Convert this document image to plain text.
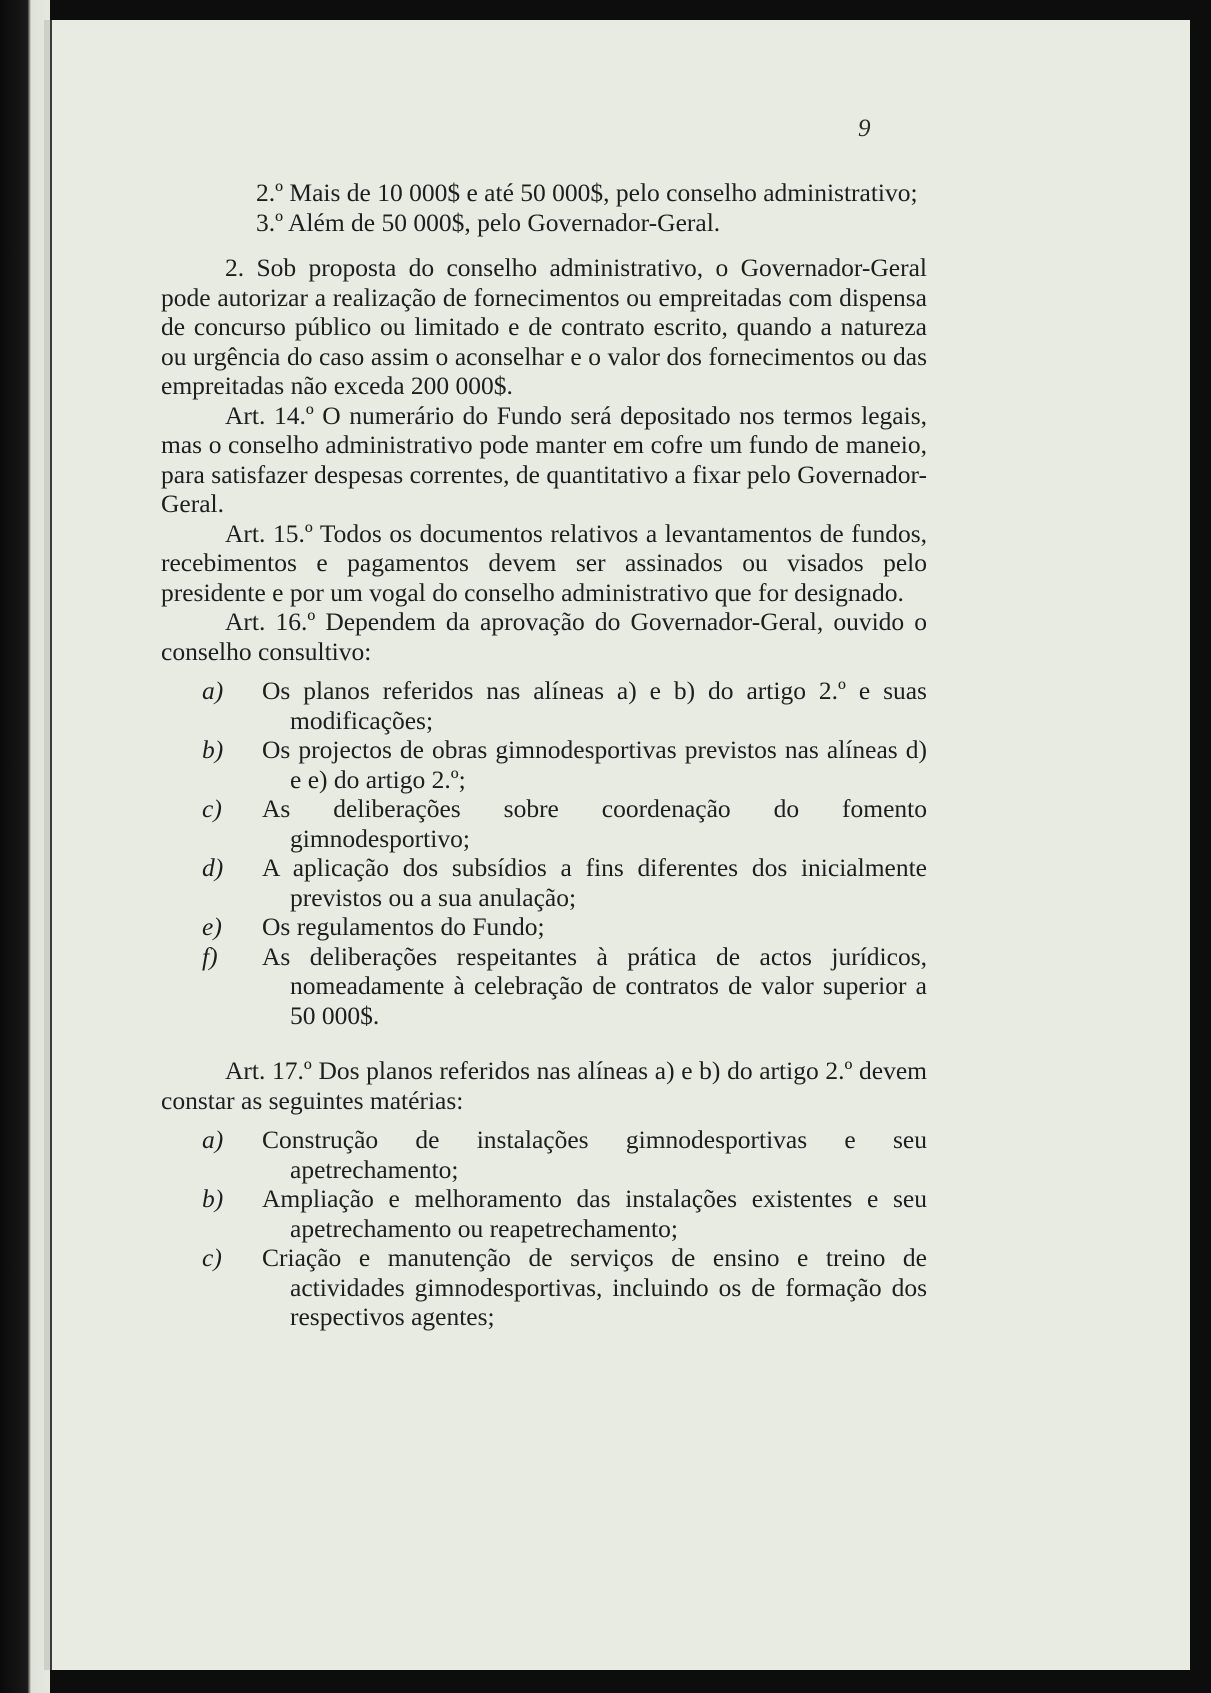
9

2.º Mais de 10 000$ e até 50 000$, pelo conselho administrativo;

3.º Além de 50 000$, pelo Governador-Geral.

2. Sob proposta do conselho administrativo, o Governador-Geral pode autorizar a realização de fornecimentos ou empreitadas com dispensa de concurso público ou limitado e de contrato escrito, quando a natureza ou urgência do caso assim o aconselhar e o valor dos fornecimentos ou das empreitadas não exceda 200 000$.

Art. 14.º O numerário do Fundo será depositado nos termos legais, mas o conselho administrativo pode manter em cofre um fundo de maneio, para satisfazer despesas correntes, de quantitativo a fixar pelo Governador-Geral.

Art. 15.º Todos os documentos relativos a levantamentos de fundos, recebimentos e pagamentos devem ser assinados ou visados pelo presidente e por um vogal do conselho administrativo que for designado.

Art. 16.º Dependem da aprovação do Governador-Geral, ouvido o conselho consultivo:

a)	Os planos referidos nas alíneas a) e b) do artigo 2.º e suas modificações;
b)	Os projectos de obras gimnodesportivas previstos nas alíneas d) e e) do artigo 2.º;
c)	As deliberações sobre coordenação do fomento gimnodesportivo;
d)	A aplicação dos subsídios a fins diferentes dos inicialmente previstos ou a sua anulação;
e)	Os regulamentos do Fundo;
f)	As deliberações respeitantes à prática de actos jurídicos, nomeadamente à celebração de contratos de valor superior a 50 000$.

Art. 17.º Dos planos referidos nas alíneas a) e b) do artigo 2.º devem constar as seguintes matérias:

a)	Construção de instalações gimnodesportivas e seu apetrechamento;
b)	Ampliação e melhoramento das instalações existentes e seu apetrechamento ou reapetrechamento;
c)	Criação e manutenção de serviços de ensino e treino de actividades gimnodesportivas, incluindo os de formação dos respectivos agentes;
